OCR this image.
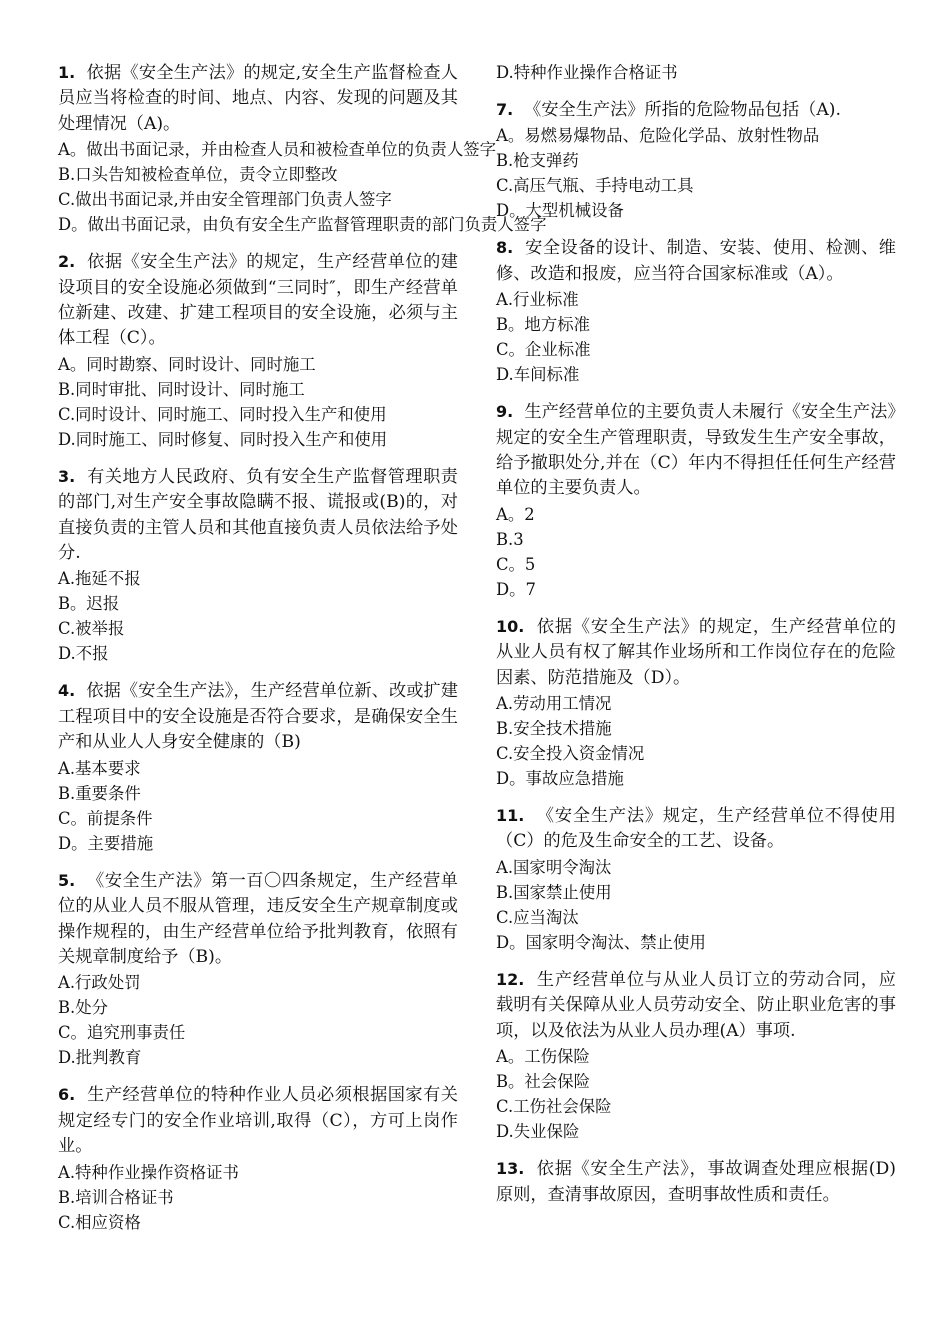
1. 依据《安全生产法》的规定,安全生产监督检查人员应当将检查的时间、地点、内容、发现的问题及其处理情况（A)。
A。做出书面记录，并由检查人员和被检查单位的负责人签字
B.口头告知被检查单位，责令立即整改
C.做出书面记录,并由安全管理部门负责人签字
D。做出书面记录，由负有安全生产监督管理职责的部门负责人签字
2. 依据《安全生产法》的规定，生产经营单位的建设项目的安全设施必须做到“三同时″，即生产经营单位新建、改建、扩建工程项目的安全设施，必须与主体工程（C）。
A。同时勘察、同时设计、同时施工
B.同时审批、同时设计、同时施工
C.同时设计、同时施工、同时投入生产和使用
D.同时施工、同时修复、同时投入生产和使用
3. 有关地方人民政府、负有安全生产监督管理职责的部门,对生产安全事故隐瞒不报、谎报或(B)的，对直接负责的主管人员和其他直接负责人员依法给予处分.
A.拖延不报
B。迟报
C.被举报
D.不报
4. 依据《安全生产法》，生产经营单位新、改或扩建工程项目中的安全设施是否符合要求，是确保安全生产和从业人人身安全健康的（B)
A.基本要求
B.重要条件
C。前提条件
D。主要措施
5. 《安全生产法》第一百〇四条规定，生产经营单位的从业人员不服从管理，违反安全生产规章制度或操作规程的，由生产经营单位给予批判教育，依照有关规章制度给予（B)。
A.行政处罚
B.处分
C。追究刑事责任
D.批判教育
6. 生产经营单位的特种作业人员必须根据国家有关规定经专门的安全作业培训,取得（C），方可上岗作业。
A.特种作业操作资格证书
B.培训合格证书
C.相应资格
D.特种作业操作合格证书
7. 《安全生产法》所指的危险物品包括（A).
A。易燃易爆物品、危险化学品、放射性物品
B.枪支弹药
C.高压气瓶、手持电动工具
D。大型机械设备
8. 安全设备的设计、制造、安装、使用、检测、维修、改造和报废，应当符合国家标准或（A）。
A.行业标准
B。地方标准
C。企业标准
D.车间标准
9. 生产经营单位的主要负责人未履行《安全生产法》规定的安全生产管理职责，导致发生生产安全事故，给予撤职处分,并在（C）年内不得担任任何生产经营单位的主要负责人。
A。2
B.3
C。5
D。7
10. 依据《安全生产法》的规定，生产经营单位的从业人员有权了解其作业场所和工作岗位存在的危险因素、防范措施及（D）。
A.劳动用工情况
B.安全技术措施
C.安全投入资金情况
D。事故应急措施
11. 《安全生产法》规定，生产经营单位不得使用（C）的危及生命安全的工艺、设备。
A.国家明令淘汰
B.国家禁止使用
C.应当淘汰
D。国家明令淘汰、禁止使用
12. 生产经营单位与从业人员订立的劳动合同，应载明有关保障从业人员劳动安全、防止职业危害的事项，以及依法为从业人员办理(A）事项.
A。工伤保险
B。社会保险
C.工伤社会保险
D.失业保险
13. 依据《安全生产法》，事故调查处理应根据(D)原则，查清事故原因，查明事故性质和责任。
